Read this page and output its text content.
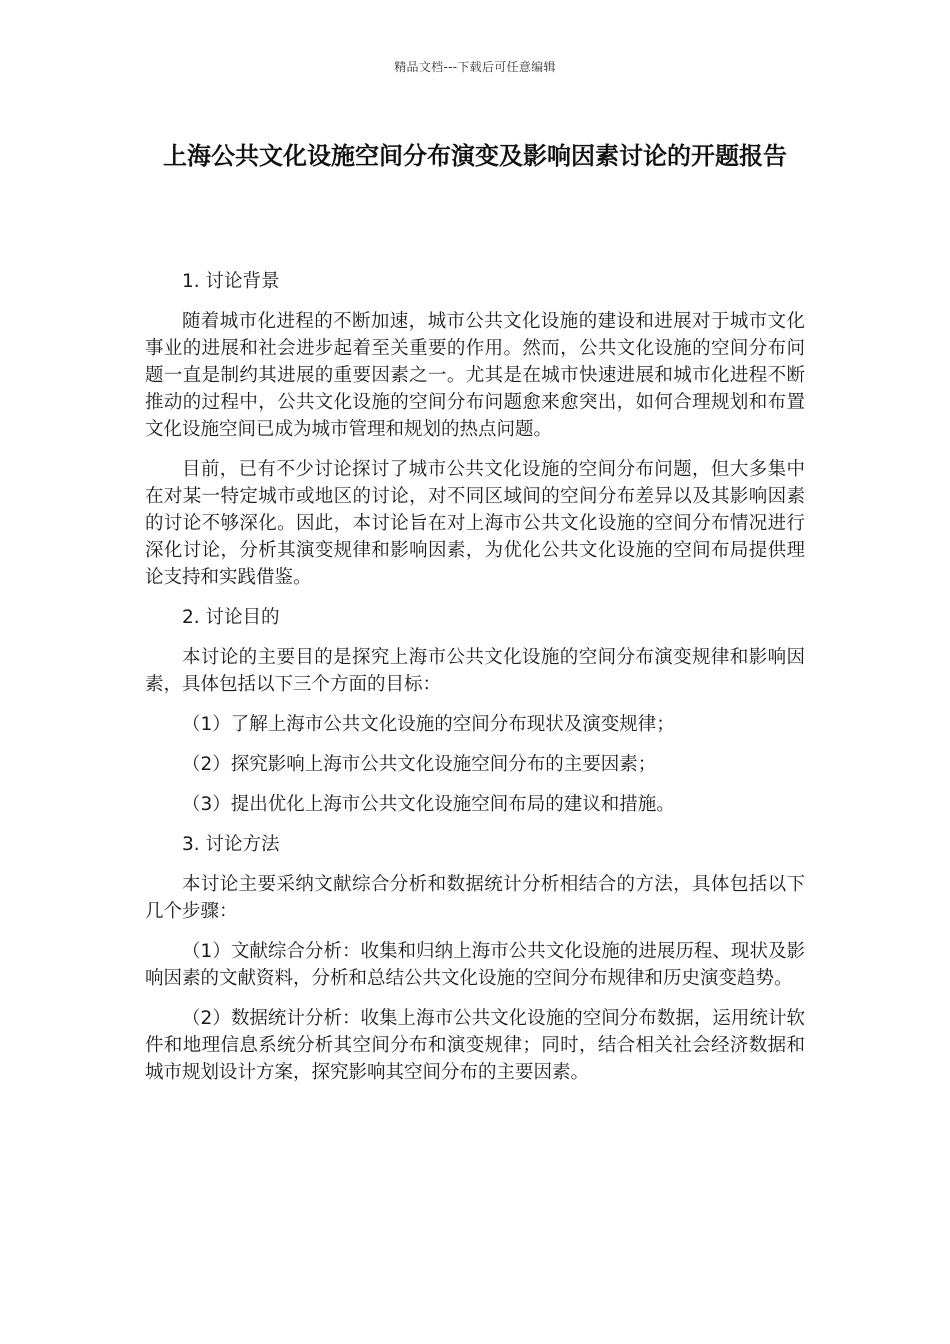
精品文档---下载后可任意编辑
上海公共文化设施空间分布演变及影响因素讨论的开题报告

1. 讨论背景

随着城市化进程的不断加速，城市公共文化设施的建设和进展对于城市文化事业的进展和社会进步起着至关重要的作用。然而，公共文化设施的空间分布问题一直是制约其进展的重要因素之一。尤其是在城市快速进展和城市化进程不断推动的过程中，公共文化设施的空间分布问题愈来愈突出，如何合理规划和布置文化设施空间已成为城市管理和规划的热点问题。

目前，已有不少讨论探讨了城市公共文化设施的空间分布问题，但大多集中在对某一特定城市或地区的讨论，对不同区域间的空间分布差异以及其影响因素的讨论不够深化。因此，本讨论旨在对上海市公共文化设施的空间分布情况进行深化讨论，分析其演变规律和影响因素，为优化公共文化设施的空间布局提供理论支持和实践借鉴。

2. 讨论目的

本讨论的主要目的是探究上海市公共文化设施的空间分布演变规律和影响因素，具体包括以下三个方面的目标：

（1）了解上海市公共文化设施的空间分布现状及演变规律；

（2）探究影响上海市公共文化设施空间分布的主要因素；

（3）提出优化上海市公共文化设施空间布局的建议和措施。

3. 讨论方法

本讨论主要采纳文献综合分析和数据统计分析相结合的方法，具体包括以下几个步骤：

（1）文献综合分析：收集和归纳上海市公共文化设施的进展历程、现状及影响因素的文献资料，分析和总结公共文化设施的空间分布规律和历史演变趋势。

（2）数据统计分析：收集上海市公共文化设施的空间分布数据，运用统计软件和地理信息系统分析其空间分布和演变规律；同时，结合相关社会经济数据和城市规划设计方案，探究影响其空间分布的主要因素。
